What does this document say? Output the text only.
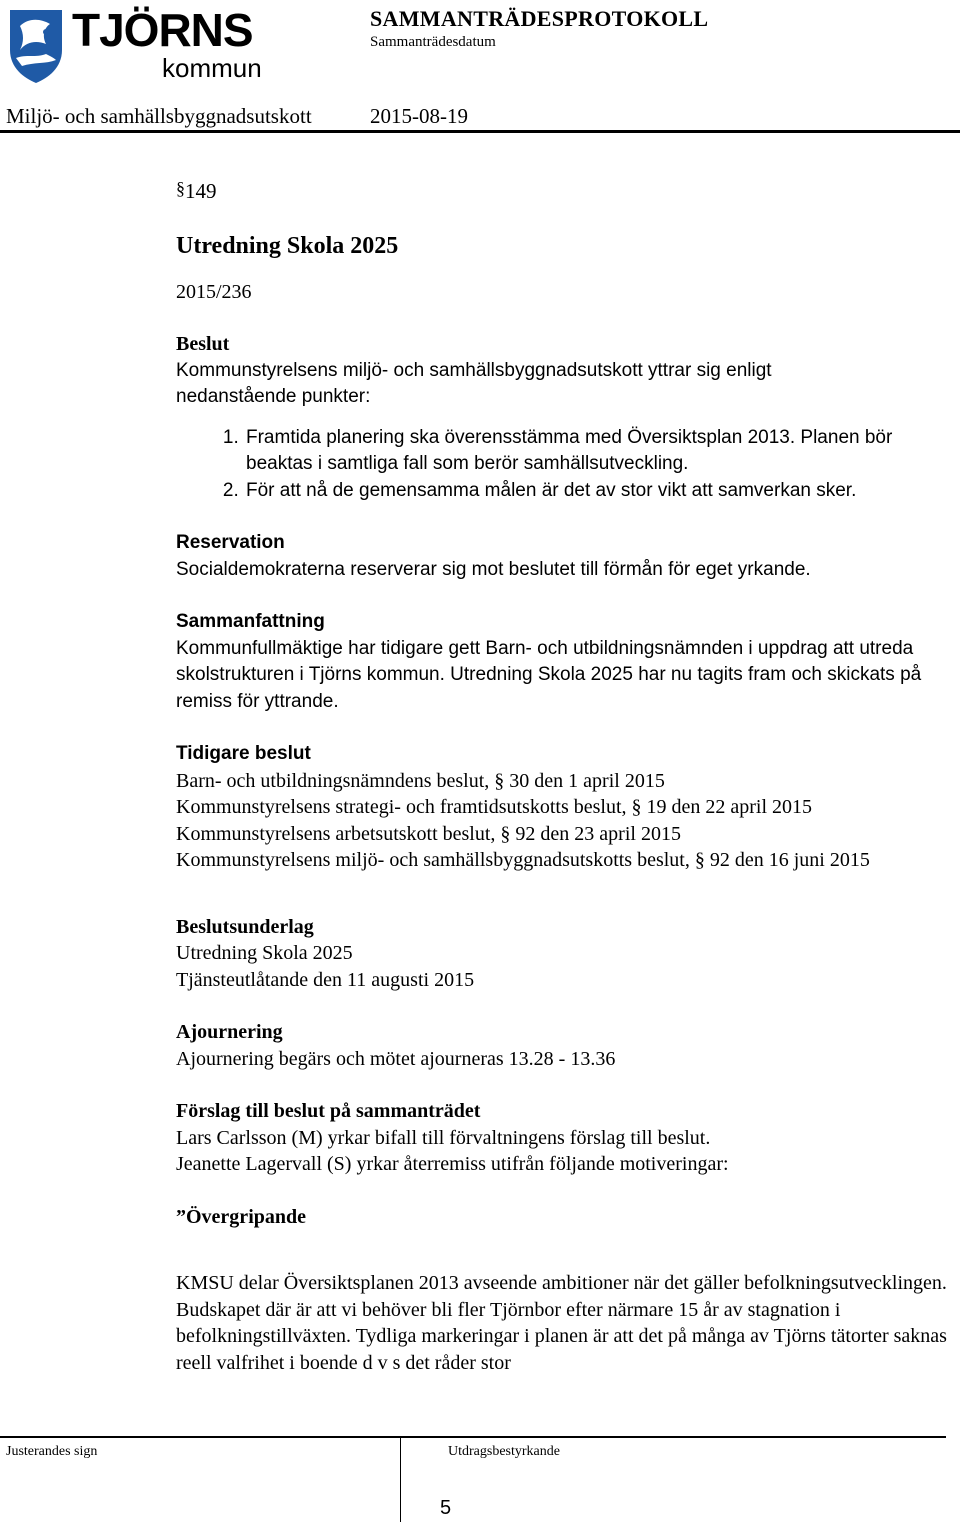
TJÖRNS
kommun
SAMMANTRÄDESPROTOKOLL
Sammanträdesdatum
Miljö- och samhällsbyggnadsutskott	2015-08-19
§149
Utredning Skola 2025
2015/236
Beslut
Kommunstyrelsens miljö- och samhällsbyggnadsutskott yttrar sig enligt
nedanstående punkter:
1. Framtida planering ska överensstämma med Översiktsplan 2013. Planen bör beaktas i samtliga fall som berör samhällsutveckling.
2. För att nå de gemensamma målen är det av stor vikt att samverkan sker.
Reservation
Socialdemokraterna reserverar sig mot beslutet till förmån för eget yrkande.
Sammanfattning
Kommunfullmäktige har tidigare gett Barn- och utbildningsnämnden i uppdrag att utreda skolstrukturen i Tjörns kommun. Utredning Skola 2025 har nu tagits fram och skickats på remiss för yttrande.
Tidigare beslut
Barn- och utbildningsnämndens beslut, § 30 den 1 april 2015
Kommunstyrelsens strategi- och framtidsutskotts beslut, § 19 den 22 april 2015
Kommunstyrelsens arbetsutskott beslut, § 92 den 23 april 2015
Kommunstyrelsens miljö- och samhällsbyggnadsutskotts beslut, § 92 den 16 juni 2015
Beslutsunderlag
Utredning Skola 2025
Tjänsteutlåtande den 11 augusti 2015
Ajournering
Ajournering begärs och mötet ajourneras 13.28 - 13.36
Förslag till beslut på sammanträdet
Lars Carlsson (M) yrkar bifall till förvaltningens förslag till beslut.
Jeanette Lagervall (S) yrkar återremiss utifrån följande motiveringar:
”Övergripande
KMSU delar Översiktsplanen 2013 avseende ambitioner när det gäller befolkningsutvecklingen. Budskapet där är att vi behöver bli fler Tjörnbor efter närmare 15 år av stagnation i befolkningstillväxten. Tydliga markeringar i planen är att det på många av Tjörns tätorter saknas reell valfrihet i boende d v s det råder stor
Justerandes sign	Utdragsbestyrkande
5
